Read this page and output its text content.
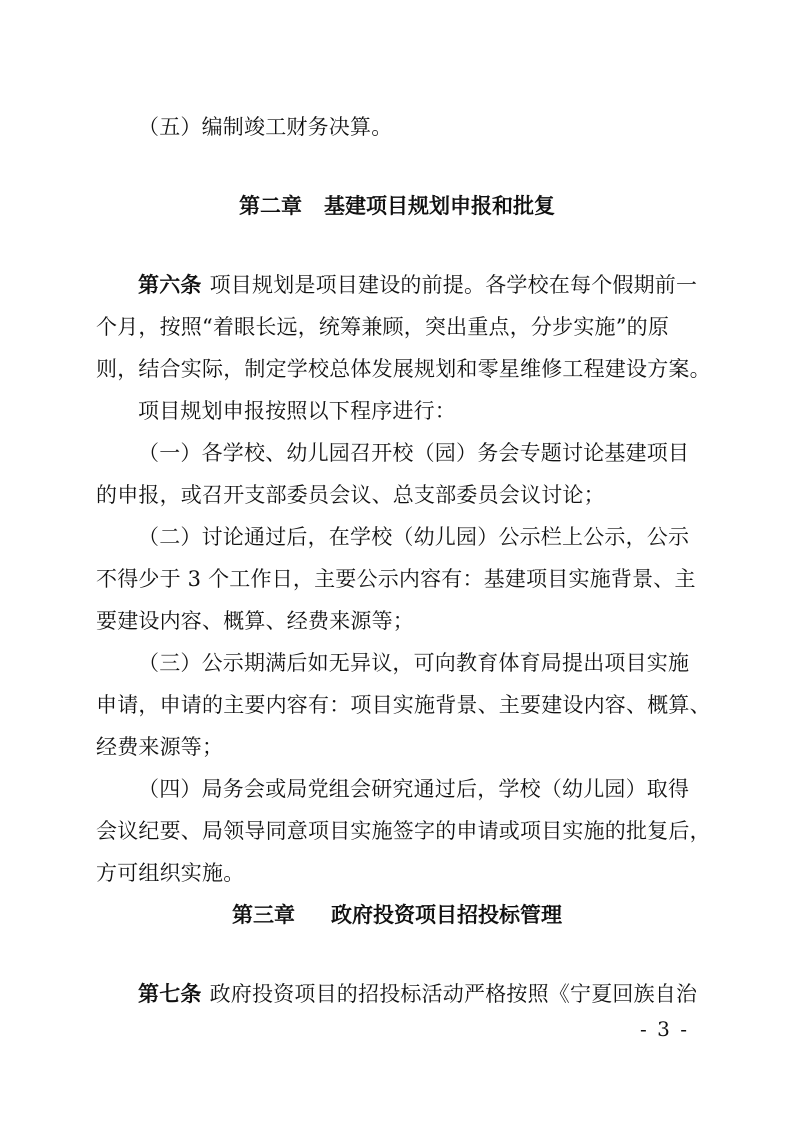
（五）编制竣工财务决算。
第二章 基建项目规划申报和批复
第六条 项目规划是项目建设的前提。各学校在每个假期前一
个月，按照“着眼长远，统筹兼顾，突出重点，分步实施”的原
则，结合实际，制定学校总体发展规划和零星维修工程建设方案。
项目规划申报按照以下程序进行：
（一）各学校、幼儿园召开校（园）务会专题讨论基建项目
的申报，或召开支部委员会议、总支部委员会议讨论；
（二）讨论通过后，在学校（幼儿园）公示栏上公示，公示
不得少于 3 个工作日，主要公示内容有：基建项目实施背景、主
要建设内容、概算、经费来源等；
（三）公示期满后如无异议，可向教育体育局提出项目实施
申请，申请的主要内容有：项目实施背景、主要建设内容、概算、
经费来源等；
（四）局务会或局党组会研究通过后，学校（幼儿园）取得
会议纪要、局领导同意项目实施签字的申请或项目实施的批复后，
方可组织实施。
第三章 政府投资项目招投标管理
第七条 政府投资项目的招投标活动严格按照《宁夏回族自治
- 3 -
